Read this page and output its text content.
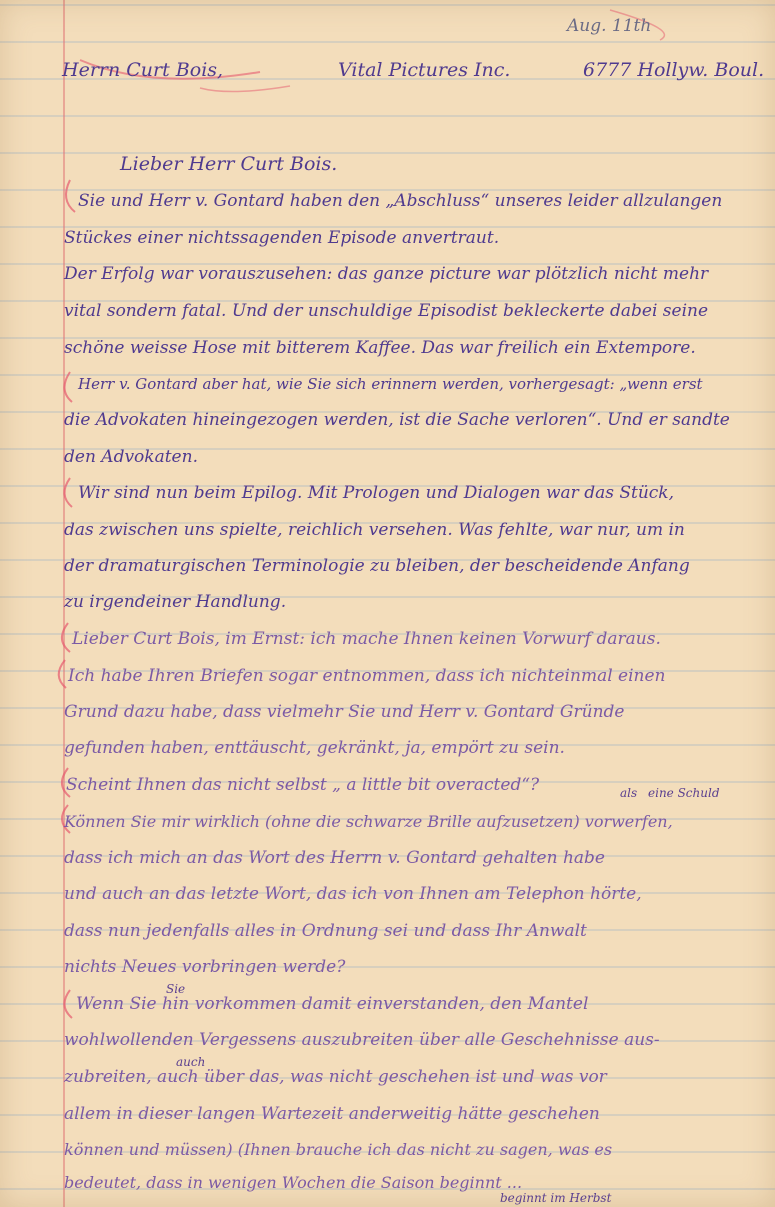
Aug. 11th
Herrn Curt Bois,	Vital Pictures Inc.	6777 Hollyw. Boul.
Lieber Herr Curt Bois.
Sie und Herr v. Gontard haben den „Abschluss“ unseres leider allzulangen
Stückes einer nichtssagenden Episode anvertraut.
Der Erfolg war vorauszusehen: das ganze picture war plötzlich nicht mehr
vital sondern fatal. Und der unschuldige Episodist bekleckerte dabei seine
schöne weisse Hose mit bitterem Kaffee. Das war freilich ein Extempore.
Herr v. Gontard aber hat, wie Sie sich erinnern werden, vorhergesagt: „wenn erst
die Advokaten hineingezogen werden, ist die Sache verloren“. Und er sandte
den Advokaten.
Wir sind nun beim Epilog. Mit Prologen und Dialogen war das Stück,
das zwischen uns spielte, reichlich versehen. Was fehlte, war nur, um in
der dramaturgischen Terminologie zu bleiben, der bescheidende Anfang
zu irgendeiner Handlung.
Lieber Curt Bois, im Ernst: ich mache Ihnen keinen Vorwurf daraus.
Ich habe Ihren Briefen sogar entnommen, dass ich nichteinmal einen
Grund dazu habe, dass vielmehr Sie und Herr v. Gontard Gründe
gefunden haben, enttäuscht, gekränkt, ja, empört zu sein.
Scheint Ihnen das nicht selbst „ a little bit overacted“?	als eine Schuld
Können Sie mir wirklich (ohne die schwarze Brille aufzusetzen) vorwerfen,
dass ich mich an das Wort des Herrn v. Gontard gehalten habe
und auch an das letzte Wort, das ich von Ihnen am Telephon hörte,
dass nun jedenfalls alles in Ordnung sei und dass Ihr Anwalt
nichts Neues vorbringen werde?
Sie
Wenn Sie hin vorkommen damit einverstanden, den Mantel
wohlwollenden Vergessens auszubreiten über alle Geschehnisse aus-
auch
zubreiten, auch über das, was nicht geschehen ist und was vor
allem in dieser langen Wartezeit anderweitig hätte geschehen
können und müssen) (Ihnen brauche ich das nicht zu sagen, was es
bedeutet, dass in wenigen Wochen die Saison beginnt ...
beginnt im Herbst
